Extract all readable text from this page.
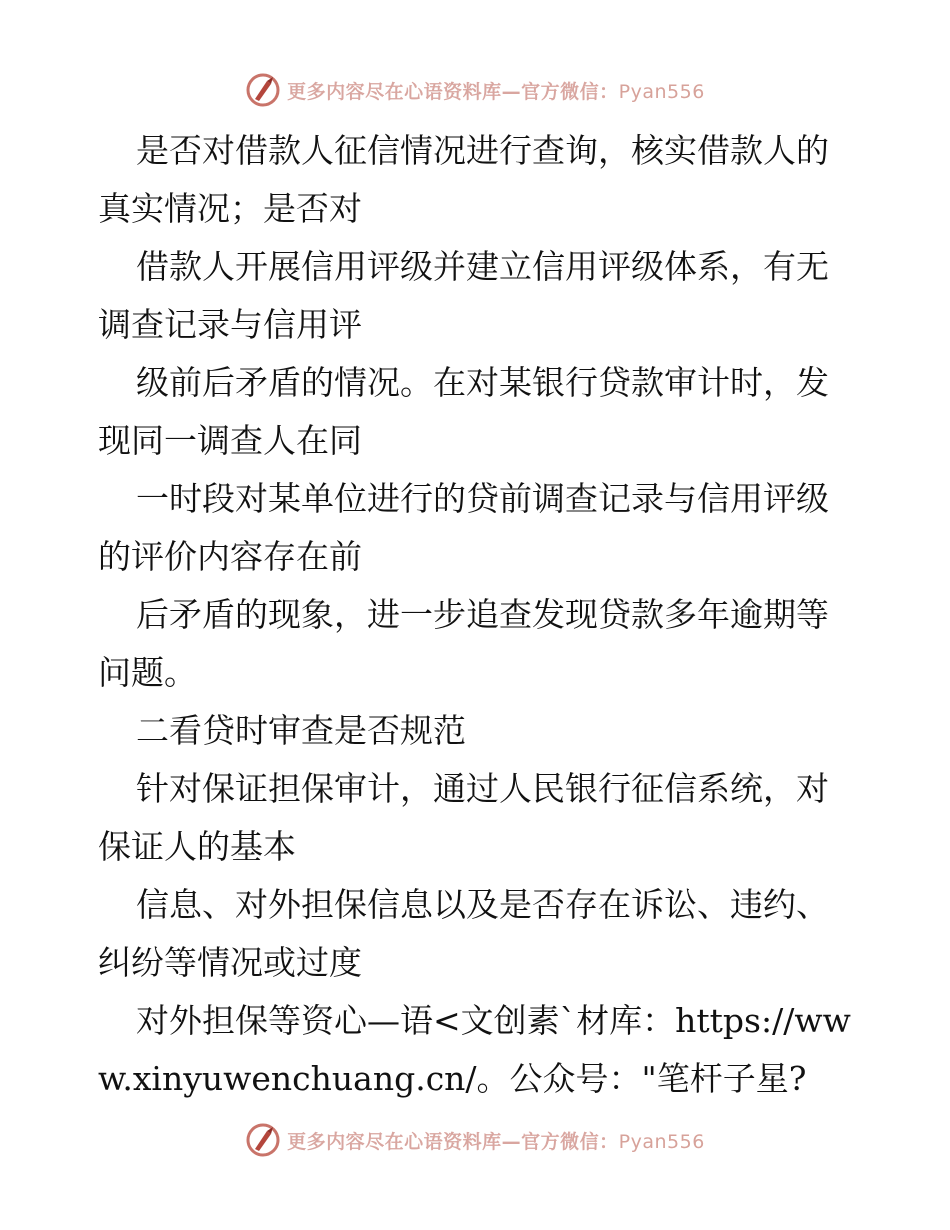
更多内容尽在心语资料库—官方微信：Pyan556

是否对借款人征信情况进行查询，核实借款人的真实情况；是否对

借款人开展信用评级并建立信用评级体系，有无调查记录与信用评

级前后矛盾的情况。在对某银行贷款审计时，发现同一调查人在同

一时段对某单位进行的贷前调查记录与信用评级的评价内容存在前

后矛盾的现象，进一步追查发现贷款多年逾期等问题。

二看贷时审查是否规范

针对保证担保审计，通过人民银行征信系统，对保证人的基本

信息、对外担保信息以及是否存在诉讼、违约、纠纷等情况或过度

对外担保等资心—语<文创素`材库：https://www.xinyuwenchuang.cn/。公众号："笔杆子星?

更多内容尽在心语资料库—官方微信：Pyan556
